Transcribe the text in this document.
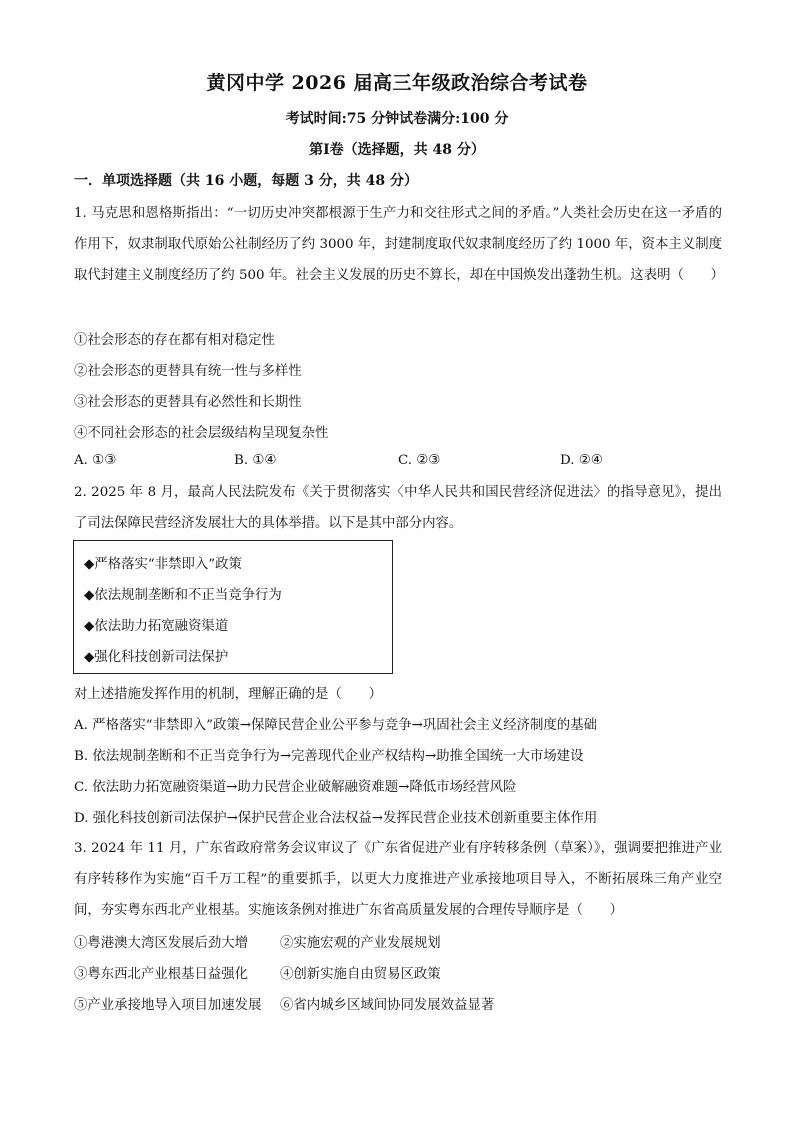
黄冈中学 2026 届高三年级政治综合考试卷
考试时间:75 分钟试卷满分:100 分
第Ⅰ卷（选择题，共 48 分）
一．单项选择题（共 16 小题，每题 3 分，共 48 分）
1. 马克思和恩格斯指出：“一切历史冲突都根源于生产力和交往形式之间的矛盾。”人类社会历史在这一矛盾的作用下，奴隶制取代原始公社制经历了约 3000 年，封建制度取代奴隶制度经历了约 1000 年，资本主义制度取代封建主义制度经历了约 500 年。社会主义发展的历史不算长，却在中国焕发出蓬勃生机。这表明（　　）
①社会形态的存在都有相对稳定性
②社会形态的更替具有统一性与多样性
③社会形态的更替具有必然性和长期性
④不同社会形态的社会层级结构呈现复杂性
A. ①③	B. ①④	C. ②③	D. ②④
2. 2025 年 8 月，最高人民法院发布《关于贯彻落实〈中华人民共和国民营经济促进法〉的指导意见》，提出了司法保障民营经济发展壮大的具体举措。以下是其中部分内容。
◆严格落实“非禁即入”政策
◆依法规制垄断和不正当竞争行为
◆依法助力拓宽融资渠道
◆强化科技创新司法保护
对上述措施发挥作用的机制，理解正确的是（　　）
A. 严格落实“非禁即入”政策→保障民营企业公平参与竞争→巩固社会主义经济制度的基础
B. 依法规制垄断和不正当竞争行为→完善现代企业产权结构→助推全国统一大市场建设
C. 依法助力拓宽融资渠道→助力民营企业破解融资难题→降低市场经营风险
D. 强化科技创新司法保护→保护民营企业合法权益→发挥民营企业技术创新重要主体作用
3. 2024 年 11 月，广东省政府常务会议审议了《广东省促进产业有序转移条例（草案）》，强调要把推进产业有序转移作为实施“百千万工程”的重要抓手，以更大力度推进产业承接地项目导入，不断拓展珠三角产业空间，夯实粤东西北产业根基。实施该条例对推进广东省高质量发展的合理传导顺序是（　　）
①粤港澳大湾区发展后劲大增 ②实施宏观的产业发展规划
③粤东西北产业根基日益强化 ④创新实施自由贸易区政策
⑤产业承接地导入项目加速发展 ⑥省内城乡区域间协同发展效益显著
